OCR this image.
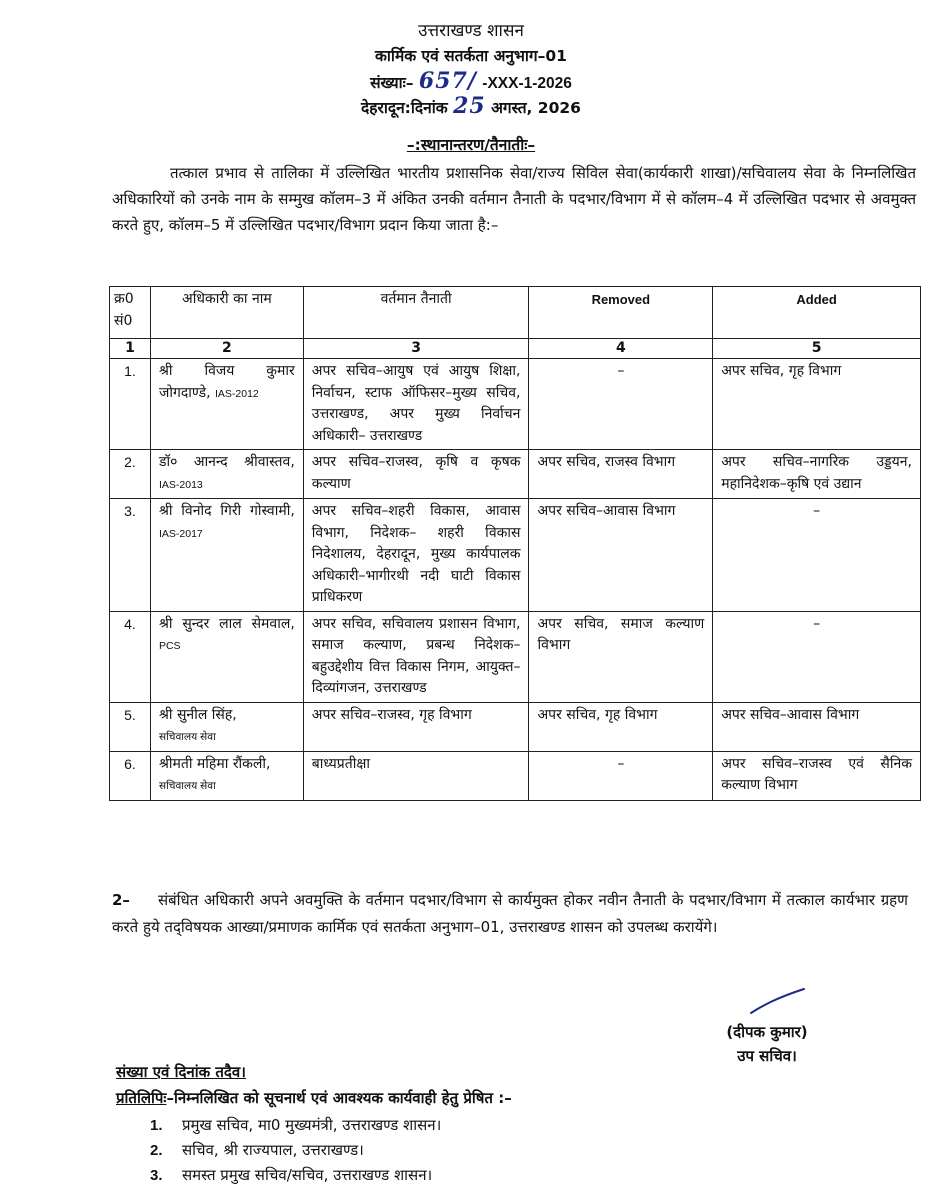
उत्तराखण्ड शासन
कार्मिक एवं सतर्कता अनुभाग–01
संख्याः– 657/ -XXX-1-2026
देहरादून:दिनांक 25 अगस्त, 2026
–:स्थानान्तरण/तैनातीः–
तत्काल प्रभाव से तालिका में उल्लिखित भारतीय प्रशासनिक सेवा/राज्य सिविल सेवा(कार्यकारी शाखा)/सचिवालय सेवा के निम्नलिखित अधिकारियों को उनके नाम के सम्मुख कॉलम–3 में अंकित उनकी वर्तमान तैनाती के पदभार/विभाग में से कॉलम–4 में उल्लिखित पदभार से अवमुक्त करते हुए, कॉलम–5 में उल्लिखित पदभार/विभाग प्रदान किया जाता है:–
क्र0 सं0	अधिकारी का नाम	वर्तमान तैनाती	Removed	Added
1	2	3	4	5
1.	श्री विजय कुमार जोगदाण्डे, IAS-2012	अपर सचिव–आयुष एवं आयुष शिक्षा, निर्वाचन, स्टाफ ऑफिसर–मुख्य सचिव, उत्तराखण्ड, अपर मुख्य निर्वाचन अधिकारी– उत्तराखण्ड	–	अपर सचिव, गृह विभाग
2.	डॉ० आनन्द श्रीवास्तव, IAS-2013	अपर सचिव–राजस्व, कृषि व कृषक कल्याण	अपर सचिव, राजस्व विभाग	अपर सचिव–नागरिक उड्डयन, महानिदेशक–कृषि एवं उद्यान
3.	श्री विनोद गिरी गोस्वामी, IAS-2017	अपर सचिव–शहरी विकास, आवास विभाग, निदेशक– शहरी विकास निदेशालय, देहरादून, मुख्य कार्यपालक अधिकारी–भागीरथी नदी घाटी विकास प्राधिकरण	अपर सचिव–आवास विभाग	–
4.	श्री सुन्दर लाल सेमवाल, PCS	अपर सचिव, सचिवालय प्रशासन विभाग, समाज कल्याण, प्रबन्ध निदेशक–बहुउद्देशीय वित्त विकास निगम, आयुक्त–दिव्यांगजन, उत्तराखण्ड	अपर सचिव, समाज कल्याण विभाग	–
5.	श्री सुनील सिंह,
सचिवालय सेवा	अपर सचिव–राजस्व, गृह विभाग	अपर सचिव, गृह विभाग	अपर सचिव–आवास विभाग
6.	श्रीमती महिमा रौंकली,
सचिवालय सेवा	बाध्यप्रतीक्षा	–	अपर सचिव–राजस्व एवं सैनिक कल्याण विभाग
2– संबंधित अधिकारी अपने अवमुक्ति के वर्तमान पदभार/विभाग से कार्यमुक्त होकर नवीन तैनाती के पदभार/विभाग में तत्काल कार्यभार ग्रहण करते हुये तद्‌विषयक आख्या/प्रमाणक कार्मिक एवं सतर्कता अनुभाग–01, उत्तराखण्ड शासन को उपलब्ध करायेंगे।
(दीपक कुमार)
उप सचिव।
संख्या एवं दिनांक तदैव।
प्रतिलिपिः–निम्नलिखित को सूचनार्थ एवं आवश्यक कार्यवाही हेतु प्रेषित :–
1. प्रमुख सचिव, मा0 मुख्यमंत्री, उत्तराखण्ड शासन।
2. सचिव, श्री राज्यपाल, उत्तराखण्ड।
3. समस्त प्रमुख सचिव/सचिव, उत्तराखण्ड शासन।
